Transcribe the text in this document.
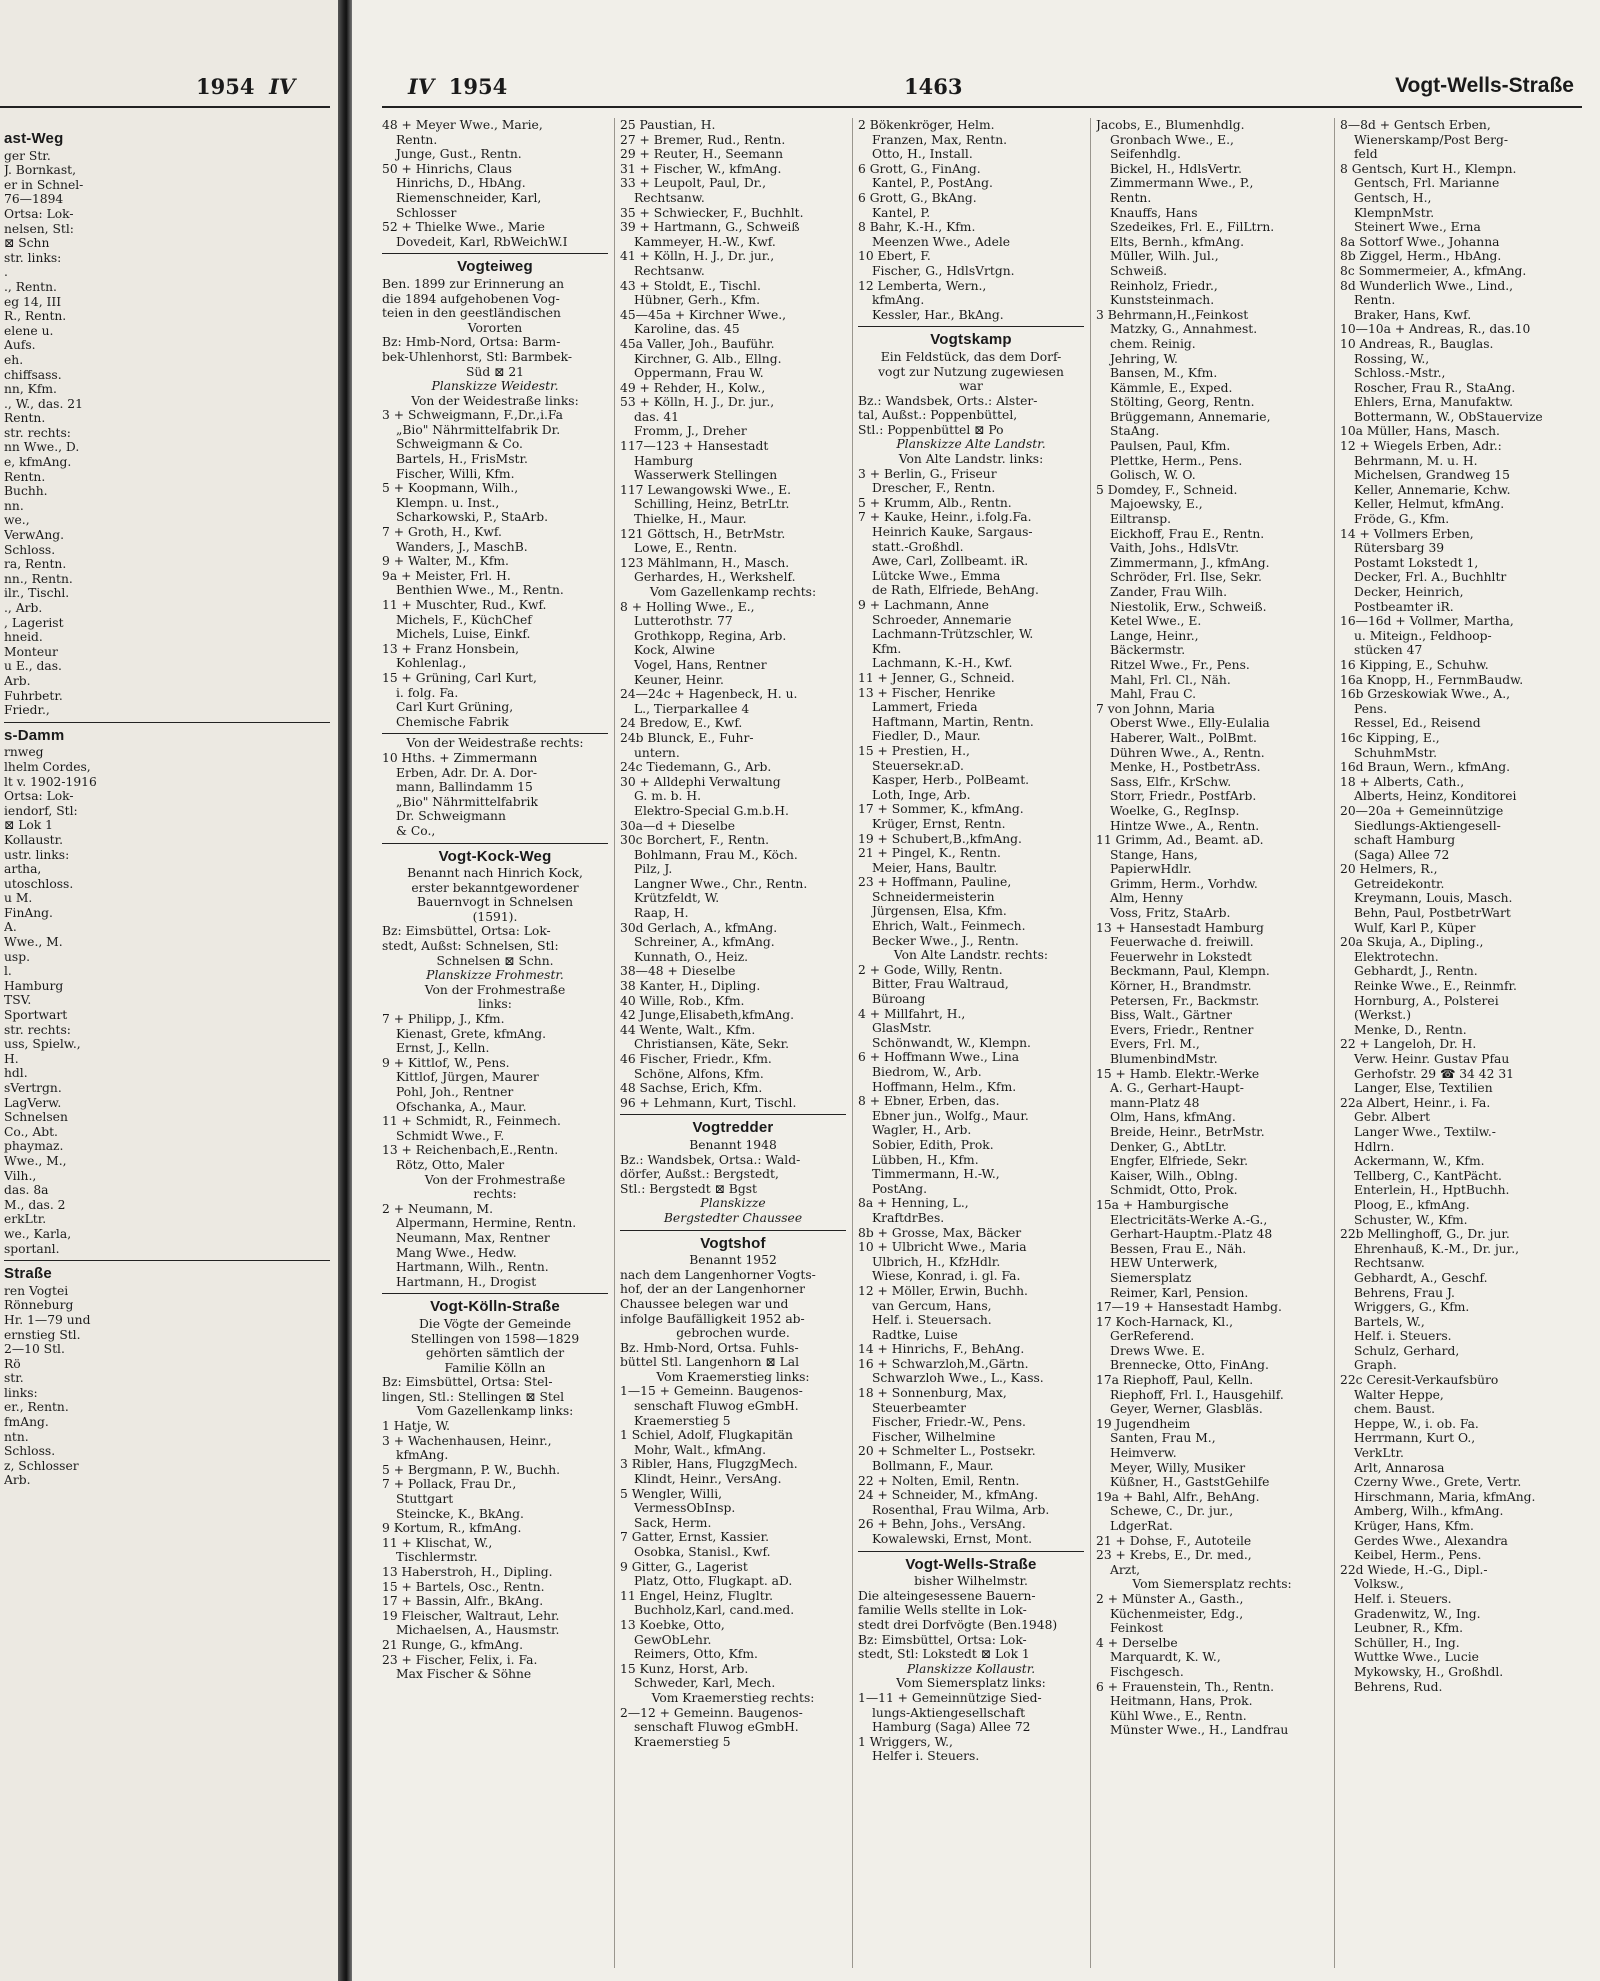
1954 IV
ast-Weg
ger Str.
J. Bornkast,
er in Schnel-
76—1894
Ortsa: Lok-
nelsen, Stl:
⊠ Schn
str. links:
.
., Rentn.
eg 14, III
R., Rentn.
elene u.
Aufs.
eh.
chiffsass.
nn, Kfm.
., W., das. 21
Rentn.
str. rechts:
nn Wwe., D.
e, kfmAng.
Rentn.
Buchh.
nn.
we.,
VerwAng.
Schloss.
ra, Rentn.
nn., Rentn.
ilr., Tischl.
., Arb.
, Lagerist
hneid.
Monteur
u E., das.
Arb.
Fuhrbetr.
Friedr.,
s-Damm
rnweg
lhelm Cordes,
lt v. 1902-1916
Ortsa: Lok-
iendorf, Stl:
⊠ Lok 1
Kollaustr.
ustr. links:
artha,
utoschloss.
u M.
FinAng.
A.
Wwe., M.
usp.
l.
Hamburg
TSV.
Sportwart
str. rechts:
uss, Spielw.,
H.
hdl.
sVertrgn.
LagVerw.
Schnelsen
Co., Abt.
phaymaz.
Wwe., M.,
Vilh.,
das. 8a
M., das. 2
erkLtr.
we., Karla,
sportanl.
Straße
ren Vogtei
Rönneburg
Hr. 1—79 und
ernstieg Stl.
2—10 Stl.
Rö
str.
links:
er., Rentn.
fmAng.
ntn.
Schloss.
z, Schlosser
Arb.
IV 1954	1463	Vogt-Wells-Straße
48 + Meyer Wwe., Marie,
Rentn.
Junge, Gust., Rentn.
50 + Hinrichs, Claus
Hinrichs, D., HbAng.
Riemenschneider, Karl,
Schlosser
52 + Thielke Wwe., Marie
Dovedeit, Karl, RbWeichW.I
Vogteiweg
Ben. 1899 zur Erinnerung an
die 1894 aufgehobenen Vog-
teien in den geestländischen
Vororten
Bz: Hmb-Nord, Ortsa: Barm-
bek-Uhlenhorst, Stl: Barmbek-
Süd ⊠ 21
Planskizze Weidestr.
Von der Weidestraße links:
3 + Schweigmann, F.,Dr.,i.Fa
„Bio" Nährmittelfabrik Dr.
Schweigmann & Co.
Bartels, H., FrisMstr.
Fischer, Willi, Kfm.
5 + Koopmann, Wilh.,
Klempn. u. Inst.,
Scharkowski, P., StaArb.
7 + Groth, H., Kwf.
Wanders, J., MaschB.
9 + Walter, M., Kfm.
9a + Meister, Frl. H.
Benthien Wwe., M., Rentn.
11 + Muschter, Rud., Kwf.
Michels, F., KüchChef
Michels, Luise, Einkf.
13 + Franz Honsbein,
Kohlenlag.,
15 + Grüning, Carl Kurt,
i. folg. Fa.
Carl Kurt Grüning,
Chemische Fabrik
Von der Weidestraße rechts:
10 Hths. + Zimmermann
Erben, Adr. Dr. A. Dor-
mann, Ballindamm 15
„Bio" Nährmittelfabrik
Dr. Schweigmann
& Co.,
Vogt-Kock-Weg
Benannt nach Hinrich Kock,
erster bekanntgewordener
Bauernvogt in Schnelsen
(1591).
Bz: Eimsbüttel, Ortsa: Lok-
stedt, Außst: Schnelsen, Stl:
Schnelsen ⊠ Schn.
Planskizze Frohmestr.
Von der Frohmestraße
links:
7 + Philipp, J., Kfm.
Kienast, Grete, kfmAng.
Ernst, J., Kelln.
9 + Kittlof, W., Pens.
Kittlof, Jürgen, Maurer
Pohl, Joh., Rentner
Ofschanka, A., Maur.
11 + Schmidt, R., Feinmech.
Schmidt Wwe., F.
13 + Reichenbach,E.,Rentn.
Rötz, Otto, Maler
Von der Frohmestraße
rechts:
2 + Neumann, M.
Alpermann, Hermine, Rentn.
Neumann, Max, Rentner
Mang Wwe., Hedw.
Hartmann, Wilh., Rentn.
Hartmann, H., Drogist
Vogt-Kölln-Straße
Die Vögte der Gemeinde
Stellingen von 1598—1829
gehörten sämtlich der
Familie Kölln an
Bz: Eimsbüttel, Ortsa: Stel-
lingen, Stl.: Stellingen ⊠ Stel
Vom Gazellenkamp links:
1 Hatje, W.
3 + Wachenhausen, Heinr.,
kfmAng.
5 + Bergmann, P. W., Buchh.
7 + Pollack, Frau Dr.,
Stuttgart
Steincke, K., BkAng.
9 Kortum, R., kfmAng.
11 + Klischat, W.,
Tischlermstr.
13 Haberstroh, H., Dipling.
15 + Bartels, Osc., Rentn.
17 + Bassin, Alfr., BkAng.
19 Fleischer, Waltraut, Lehr.
Michaelsen, A., Hausmstr.
21 Runge, G., kfmAng.
23 + Fischer, Felix, i. Fa.
Max Fischer & Söhne
25 Paustian, H.
27 + Bremer, Rud., Rentn.
29 + Reuter, H., Seemann
31 + Fischer, W., kfmAng.
33 + Leupolt, Paul, Dr.,
Rechtsanw.
35 + Schwiecker, F., Buchhlt.
39 + Hartmann, G., Schweiß
Kammeyer, H.-W., Kwf.
41 + Kölln, H. J., Dr. jur.,
Rechtsanw.
43 + Stoldt, E., Tischl.
Hübner, Gerh., Kfm.
45—45a + Kirchner Wwe.,
Karoline, das. 45
45a Valler, Joh., Bauführ.
Kirchner, G. Alb., Ellng.
Oppermann, Frau W.
49 + Rehder, H., Kolw.,
53 + Kölln, H. J., Dr. jur.,
das. 41
Fromm, J., Dreher
117—123 + Hansestadt
Hamburg
Wasserwerk Stellingen
117 Lewangowski Wwe., E.
Schilling, Heinz, BetrLtr.
Thielke, H., Maur.
121 Göttsch, H., BetrMstr.
Lowe, E., Rentn.
123 Mählmann, H., Masch.
Gerhardes, H., Werkshelf.
Vom Gazellenkamp rechts:
8 + Holling Wwe., E.,
Lutterothstr. 77
Grothkopp, Regina, Arb.
Kock, Alwine
Vogel, Hans, Rentner
Keuner, Heinr.
24—24c + Hagenbeck, H. u.
L., Tierparkallee 4
24 Bredow, E., Kwf.
24b Blunck, E., Fuhr-
untern.
24c Tiedemann, G., Arb.
30 + Alldephi Verwaltung
G. m. b. H.
Elektro-Special G.m.b.H.
30a—d + Dieselbe
30c Borchert, F., Rentn.
Bohlmann, Frau M., Köch.
Pilz, J.
Langner Wwe., Chr., Rentn.
Krützfeldt, W.
Raap, H.
30d Gerlach, A., kfmAng.
Schreiner, A., kfmAng.
Kunnath, O., Heiz.
38—48 + Dieselbe
38 Kanter, H., Dipling.
40 Wille, Rob., Kfm.
42 Junge,Elisabeth,kfmAng.
44 Wente, Walt., Kfm.
Christiansen, Käte, Sekr.
46 Fischer, Friedr., Kfm.
Schöne, Alfons, Kfm.
48 Sachse, Erich, Kfm.
96 + Lehmann, Kurt, Tischl.
Vogtredder
Benannt 1948
Bz.: Wandsbek, Ortsa.: Wald-
dörfer, Außst.: Bergstedt,
Stl.: Bergstedt ⊠ Bgst
Planskizze
Bergstedter Chaussee
Vogtshof
Benannt 1952
nach dem Langenhorner Vogts-
hof, der an der Langenhorner
Chaussee belegen war und
infolge Baufälligkeit 1952 ab-
gebrochen wurde.
Bz. Hmb-Nord, Ortsa. Fuhls-
büttel Stl. Langenhorn ⊠ Lal
Vom Kraemerstieg links:
1—15 + Gemeinn. Baugenos-
senschaft Fluwog eGmbH.
Kraemerstieg 5
1 Schiel, Adolf, Flugkapitän
Mohr, Walt., kfmAng.
3 Ribler, Hans, FlugzgMech.
Klindt, Heinr., VersAng.
5 Wengler, Willi,
VermessObInsp.
Sack, Herm.
7 Gatter, Ernst, Kassier.
Osobka, Stanisl., Kwf.
9 Gitter, G., Lagerist
Platz, Otto, Flugkapt. aD.
11 Engel, Heinz, Flugltr.
Buchholz,Karl, cand.med.
13 Koebke, Otto,
GewObLehr.
Reimers, Otto, Kfm.
15 Kunz, Horst, Arb.
Schweder, Karl, Mech.
Vom Kraemerstieg rechts:
2—12 + Gemeinn. Baugenos-
senschaft Fluwog eGmbH.
Kraemerstieg 5
2 Bökenkröger, Helm.
Franzen, Max, Rentn.
Otto, H., Install.
6 Grott, G., FinAng.
Kantel, P., PostAng.
6 Grott, G., BkAng.
Kantel, P.
8 Bahr, K.-H., Kfm.
Meenzen Wwe., Adele
10 Ebert, F.
Fischer, G., HdlsVrtgn.
12 Lemberta, Wern.,
kfmAng.
Kessler, Har., BkAng.
Vogtskamp
Ein Feldstück, das dem Dorf-
vogt zur Nutzung zugewiesen
war
Bz.: Wandsbek, Orts.: Alster-
tal, Außst.: Poppenbüttel,
Stl.: Poppenbüttel ⊠ Po
Planskizze Alte Landstr.
Von Alte Landstr. links:
3 + Berlin, G., Friseur
Drescher, F., Rentn.
5 + Krumm, Alb., Rentn.
7 + Kauke, Heinr., i.folg.Fa.
Heinrich Kauke, Sargaus-
statt.-Großhdl.
Awe, Carl, Zollbeamt. iR.
Lütcke Wwe., Emma
de Rath, Elfriede, BehAng.
9 + Lachmann, Anne
Schroeder, Annemarie
Lachmann-Trützschler, W.
Kfm.
Lachmann, K.-H., Kwf.
11 + Jenner, G., Schneid.
13 + Fischer, Henrike
Lammert, Frieda
Haftmann, Martin, Rentn.
Fiedler, D., Maur.
15 + Prestien, H.,
Steuersekr.aD.
Kasper, Herb., PolBeamt.
Loth, Inge, Arb.
17 + Sommer, K., kfmAng.
Krüger, Ernst, Rentn.
19 + Schubert,B.,kfmAng.
21 + Pingel, K., Rentn.
Meier, Hans, Baultr.
23 + Hoffmann, Pauline,
Schneidermeisterin
Jürgensen, Elsa, Kfm.
Ehrich, Walt., Feinmech.
Becker Wwe., J., Rentn.
Von Alte Landstr. rechts:
2 + Gode, Willy, Rentn.
Bitter, Frau Waltraud,
Büroang
4 + Millfahrt, H.,
GlasMstr.
Schönwandt, W., Klempn.
6 + Hoffmann Wwe., Lina
Biedrom, W., Arb.
Hoffmann, Helm., Kfm.
8 + Ebner, Erben, das.
Ebner jun., Wolfg., Maur.
Wagler, H., Arb.
Sobier, Edith, Prok.
Lübben, H., Kfm.
Timmermann, H.-W.,
PostAng.
8a + Henning, L.,
KraftdrBes.
8b + Grosse, Max, Bäcker
10 + Ulbricht Wwe., Maria
Ulbrich, H., KfzHdlr.
Wiese, Konrad, i. gl. Fa.
12 + Möller, Erwin, Buchh.
van Gercum, Hans,
Helf. i. Steuersach.
Radtke, Luise
14 + Hinrichs, F., BehAng.
16 + Schwarzloh,M.,Gärtn.
Schwarzloh Wwe., L., Kass.
18 + Sonnenburg, Max,
Steuerbeamter
Fischer, Friedr.-W., Pens.
Fischer, Wilhelmine
20 + Schmelter L., Postsekr.
Bollmann, F., Maur.
22 + Nolten, Emil, Rentn.
24 + Schneider, M., kfmAng.
Rosenthal, Frau Wilma, Arb.
26 + Behn, Johs., VersAng.
Kowalewski, Ernst, Mont.
Vogt-Wells-Straße
bisher Wilhelmstr.
Die alteingesessene Bauern-
familie Wells stellte in Lok-
stedt drei Dorfvögte (Ben.1948)
Bz: Eimsbüttel, Ortsa: Lok-
stedt, Stl: Lokstedt ⊠ Lok 1
Planskizze Kollaustr.
Vom Siemersplatz links:
1—11 + Gemeinnützige Sied-
lungs-Aktiengesellschaft
Hamburg (Saga) Allee 72
1 Wriggers, W.,
Helfer i. Steuers.
Jacobs, E., Blumenhdlg.
Gronbach Wwe., E.,
Seifenhdlg.
Bickel, H., HdlsVertr.
Zimmermann Wwe., P.,
Rentn.
Knauffs, Hans
Szedeikes, Frl. E., FilLtrn.
Elts, Bernh., kfmAng.
Müller, Wilh. Jul.,
Schweiß.
Reinholz, Friedr.,
Kunststeinmach.
3 Behrmann,H.,Feinkost
Matzky, G., Annahmest.
chem. Reinig.
Jehring, W.
Bansen, M., Kfm.
Kämmle, E., Exped.
Stölting, Georg, Rentn.
Brüggemann, Annemarie,
StaAng.
Paulsen, Paul, Kfm.
Plettke, Herm., Pens.
Golisch, W. O.
5 Domdey, F., Schneid.
Majoewsky, E.,
Eiltransp.
Eickhoff, Frau E., Rentn.
Vaith, Johs., HdlsVtr.
Zimmermann, J., kfmAng.
Schröder, Frl. Ilse, Sekr.
Zander, Frau Wilh.
Niestolik, Erw., Schweiß.
Ketel Wwe., E.
Lange, Heinr.,
Bäckermstr.
Ritzel Wwe., Fr., Pens.
Mahl, Frl. Cl., Näh.
Mahl, Frau C.
7 von Johnn, Maria
Oberst Wwe., Elly-Eulalia
Haberer, Walt., PolBmt.
Dühren Wwe., A., Rentn.
Menke, H., PostbetrAss.
Sass, Elfr., KrSchw.
Storr, Friedr., PostfArb.
Woelke, G., RegInsp.
Hintze Wwe., A., Rentn.
11 Grimm, Ad., Beamt. aD.
Stange, Hans,
PapierwHdlr.
Grimm, Herm., Vorhdw.
Alm, Henny
Voss, Fritz, StaArb.
13 + Hansestadt Hamburg
Feuerwache d. freiwill.
Feuerwehr in Lokstedt
Beckmann, Paul, Klempn.
Körner, H., Brandmstr.
Petersen, Fr., Backmstr.
Biss, Walt., Gärtner
Evers, Friedr., Rentner
Evers, Frl. M.,
BlumenbindMstr.
15 + Hamb. Elektr.-Werke
A. G., Gerhart-Haupt-
mann-Platz 48
Olm, Hans, kfmAng.
Breide, Heinr., BetrMstr.
Denker, G., AbtLtr.
Engfer, Elfriede, Sekr.
Kaiser, Wilh., Oblng.
Schmidt, Otto, Prok.
15a + Hamburgische
Electricitäts-Werke A.-G.,
Gerhart-Hauptm.-Platz 48
Bessen, Frau E., Näh.
HEW Unterwerk,
Siemersplatz
Reimer, Karl, Pension.
17—19 + Hansestadt Hambg.
17 Koch-Harnack, Kl.,
GerReferend.
Drews Wwe. E.
Brennecke, Otto, FinAng.
17a Riephoff, Paul, Kelln.
Riephoff, Frl. I., Hausgehilf.
Geyer, Werner, Glasbläs.
19 Jugendheim
Santen, Frau M.,
Heimverw.
Meyer, Willy, Musiker
Küßner, H., GaststGehilfe
19a + Bahl, Alfr., BehAng.
Schewe, C., Dr. jur.,
LdgerRat.
21 + Dohse, F., Autoteile
23 + Krebs, E., Dr. med.,
Arzt,
Vom Siemersplatz rechts:
2 + Münster A., Gasth.,
Küchenmeister, Edg.,
Feinkost
4 + Derselbe
Marquardt, K. W.,
Fischgesch.
6 + Frauenstein, Th., Rentn.
Heitmann, Hans, Prok.
Kühl Wwe., E., Rentn.
Münster Wwe., H., Landfrau
8—8d + Gentsch Erben,
Wienerskamp/Post Berg-
feld
8 Gentsch, Kurt H., Klempn.
Gentsch, Frl. Marianne
Gentsch, H.,
KlempnMstr.
Steinert Wwe., Erna
8a Sottorf Wwe., Johanna
8b Ziggel, Herm., HbAng.
8c Sommermeier, A., kfmAng.
8d Wunderlich Wwe., Lind.,
Rentn.
Braker, Hans, Kwf.
10—10a + Andreas, R., das.10
10 Andreas, R., Bauglas.
Rossing, W.,
Schloss.-Mstr.,
Roscher, Frau R., StaAng.
Ehlers, Erna, Manufaktw.
Bottermann, W., ObStauervize
10a Müller, Hans, Masch.
12 + Wiegels Erben, Adr.:
Behrmann, M. u. H.
Michelsen, Grandweg 15
Keller, Annemarie, Kchw.
Keller, Helmut, kfmAng.
Fröde, G., Kfm.
14 + Vollmers Erben,
Rütersbarg 39
Postamt Lokstedt 1,
Decker, Frl. A., Buchhltr
Decker, Heinrich,
Postbeamter iR.
16—16d + Vollmer, Martha,
u. Miteign., Feldhoop-
stücken 47
16 Kipping, E., Schuhw.
16a Knopp, H., FernmBaudw.
16b Grzeskowiak Wwe., A.,
Pens.
Ressel, Ed., Reisend
16c Kipping, E.,
SchuhmMstr.
16d Braun, Wern., kfmAng.
18 + Alberts, Cath.,
Alberts, Heinz, Konditorei
20—20a + Gemeinnützige
Siedlungs-Aktiengesell-
schaft Hamburg
(Saga) Allee 72
20 Helmers, R.,
Getreidekontr.
Kreymann, Louis, Masch.
Behn, Paul, PostbetrWart
Wulf, Karl P., Küper
20a Skuja, A., Dipling.,
Elektrotechn.
Gebhardt, J., Rentn.
Reinke Wwe., E., Reinmfr.
Hornburg, A., Polsterei
(Werkst.)
Menke, D., Rentn.
22 + Langeloh, Dr. H.
Verw. Heinr. Gustav Pfau
Gerhofstr. 29 ☎ 34 42 31
Langer, Else, Textilien
22a Albert, Heinr., i. Fa.
Gebr. Albert
Langer Wwe., Textilw.-
Hdlrn.
Ackermann, W., Kfm.
Tellberg, C., KantPächt.
Enterlein, H., HptBuchh.
Ploog, E., kfmAng.
Schuster, W., Kfm.
22b Mellinghoff, G., Dr. jur.
Ehrenhauß, K.-M., Dr. jur.,
Rechtsanw.
Gebhardt, A., Geschf.
Behrens, Frau J.
Wriggers, G., Kfm.
Bartels, W.,
Helf. i. Steuers.
Schulz, Gerhard,
Graph.
22c Ceresit-Verkaufsbüro
Walter Heppe,
chem. Baust.
Heppe, W., i. ob. Fa.
Herrmann, Kurt O.,
VerkLtr.
Arlt, Annarosa
Czerny Wwe., Grete, Vertr.
Hirschmann, Maria, kfmAng.
Amberg, Wilh., kfmAng.
Krüger, Hans, Kfm.
Gerdes Wwe., Alexandra
Keibel, Herm., Pens.
22d Wiede, H.-G., Dipl.-
Volksw.,
Helf. i. Steuers.
Gradenwitz, W., Ing.
Leubner, R., Kfm.
Schüller, H., Ing.
Wuttke Wwe., Lucie
Mykowsky, H., Großhdl.
Behrens, Rud.
